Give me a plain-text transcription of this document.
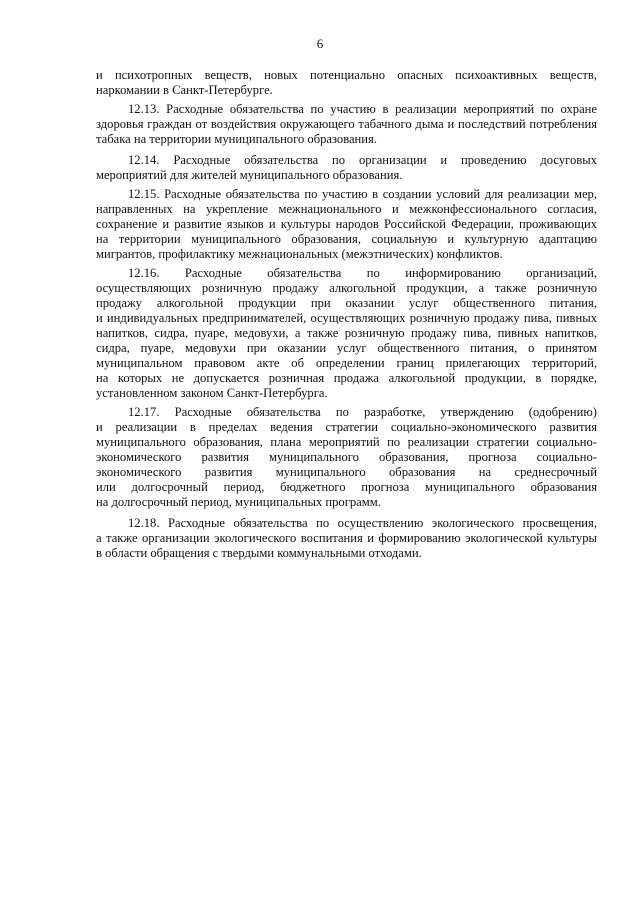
6
и психотропных веществ, новых потенциально опасных психоактивных веществ,
наркомании в Санкт-Петербурге.
12.13. Расходные обязательства по участию в реализации мероприятий по охране
здоровья граждан от воздействия окружающего табачного дыма и последствий потребления
табака на территории муниципального образования.
12.14. Расходные обязательства по организации и проведению досуговых
мероприятий для жителей муниципального образования.
12.15. Расходные обязательства по участию в создании условий для реализации мер,
направленных на укрепление межнационального и межконфессионального согласия,
сохранение и развитие языков и культуры народов Российской Федерации, проживающих
на территории муниципального образования, социальную и культурную адаптацию
мигрантов, профилактику межнациональных (межэтнических) конфликтов.
12.16. Расходные обязательства по информированию организаций,
осуществляющих розничную продажу алкогольной продукции, а также розничную
продажу алкогольной продукции при оказании услуг общественного питания,
и индивидуальных предпринимателей, осуществляющих розничную продажу пива, пивных
напитков, сидра, пуаре, медовухи, а также розничную продажу пива, пивных напитков,
сидра, пуаре, медовухи при оказании услуг общественного питания, о принятом
муниципальном правовом акте об определении границ прилегающих территорий,
на которых не допускается розничная продажа алкогольной продукции, в порядке,
установленном законом Санкт-Петербурга.
12.17. Расходные обязательства по разработке, утверждению (одобрению)
и реализации в пределах ведения стратегии социально-экономического развития
муниципального образования, плана мероприятий по реализации стратегии социально-
экономического развития муниципального образования, прогноза социально-
экономического развития муниципального образования на среднесрочный
или долгосрочный период, бюджетного прогноза муниципального образования
на долгосрочный период, муниципальных программ.
12.18. Расходные обязательства по осуществлению экологического просвещения,
а также организации экологического воспитания и формированию экологической культуры
в области обращения с твердыми коммунальными отходами.
